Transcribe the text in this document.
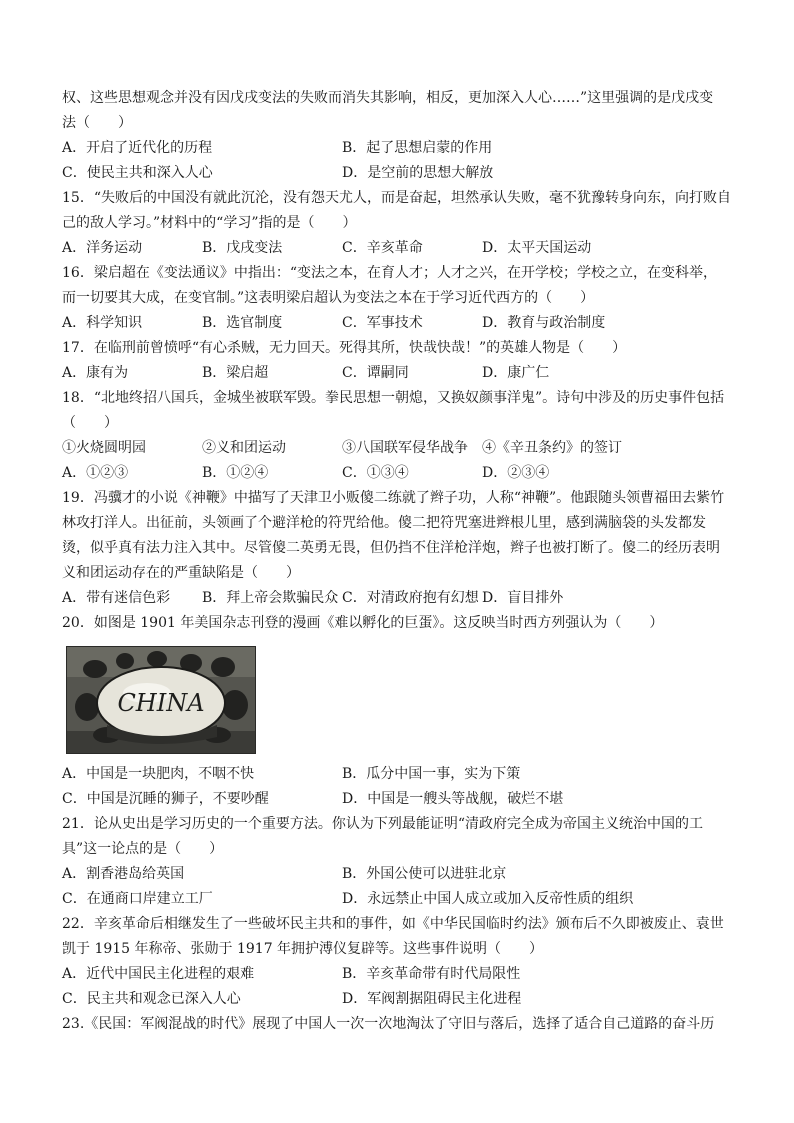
权、这些思想观念并没有因戊戌变法的失败而消失其影响，相反，更加深入人心……”这里强调的是戊戌变

法（　　）

A．开启了近代化的历程	B．起了思想启蒙的作用
C．使民主共和深入人心	D．是空前的思想大解放

15．“失败后的中国没有就此沉沦，没有怨天尤人，而是奋起，坦然承认失败，毫不犹豫转身向东，向打败自

己的敌人学习。”材料中的“学习”指的是（　　）

A．洋务运动	B．戊戌变法	C．辛亥革命	D．太平天国运动

16．梁启超在《变法通议》中指出：“变法之本，在育人才；人才之兴，在开学校；学校之立，在变科举，

而一切要其大成，在变官制。”这表明梁启超认为变法之本在于学习近代西方的（　　）

A．科学知识	B．选官制度	C．军事技术	D．教育与政治制度

17．在临刑前曾愤呼“有心杀贼，无力回天。死得其所，快哉快哉！”的英雄人物是（　　）

A．康有为	B．梁启超	C．谭嗣同	D．康广仁

18．“北地终招八国兵，金城坐被联军毁。拳民思想一朝熄，又换奴颜事洋鬼”。诗句中涉及的历史事件包括

（　　）

①火烧圆明园	②义和团运动	③八国联军侵华战争	④《辛丑条约》的签订
A．①②③	B．①②④	C．①③④	D．②③④

19．冯骥才的小说《神鞭》中描写了天津卫小贩傻二练就了辫子功，人称“神鞭”。他跟随头领曹福田去紫竹

林攻打洋人。出征前，头领画了个避洋枪的符咒给他。傻二把符咒塞进辫根儿里，感到满脑袋的头发都发

烫，似乎真有法力注入其中。尽管傻二英勇无畏，但仍挡不住洋枪洋炮，辫子也被打断了。傻二的经历表明

义和团运动存在的严重缺陷是（　　）

A．带有迷信色彩	B．拜上帝会欺骗民众 C．对清政府抱有幻想 D．盲目排外

20．如图是 1901 年美国杂志刊登的漫画《难以孵化的巨蛋》。这反映当时西方列强认为（　　）

CHINA
A．中国是一块肥肉，不咽不快	B．瓜分中国一事，实为下策
C．中国是沉睡的狮子，不要吵醒	D．中国是一艘头等战舰，破烂不堪

21．论从史出是学习历史的一个重要方法。你认为下列最能证明“清政府完全成为帝国主义统治中国的工

具”这一论点的是（　　）

A．割香港岛给英国	B．外国公使可以进驻北京
C．在通商口岸建立工厂	D．永远禁止中国人成立或加入反帝性质的组织

22．辛亥革命后相继发生了一些破坏民主共和的事件，如《中华民国临时约法》颁布后不久即被废止、袁世

凯于 1915 年称帝、张勋于 1917 年拥护溥仪复辟等。这些事件说明（　　）

A．近代中国民主化进程的艰难	B．辛亥革命带有时代局限性
C．民主共和观念已深入人心	D．军阀割据阻碍民主化进程

23.《民国：军阀混战的时代》展现了中国人一次一次地淘汰了守旧与落后，选择了适合自己道路的奋斗历
